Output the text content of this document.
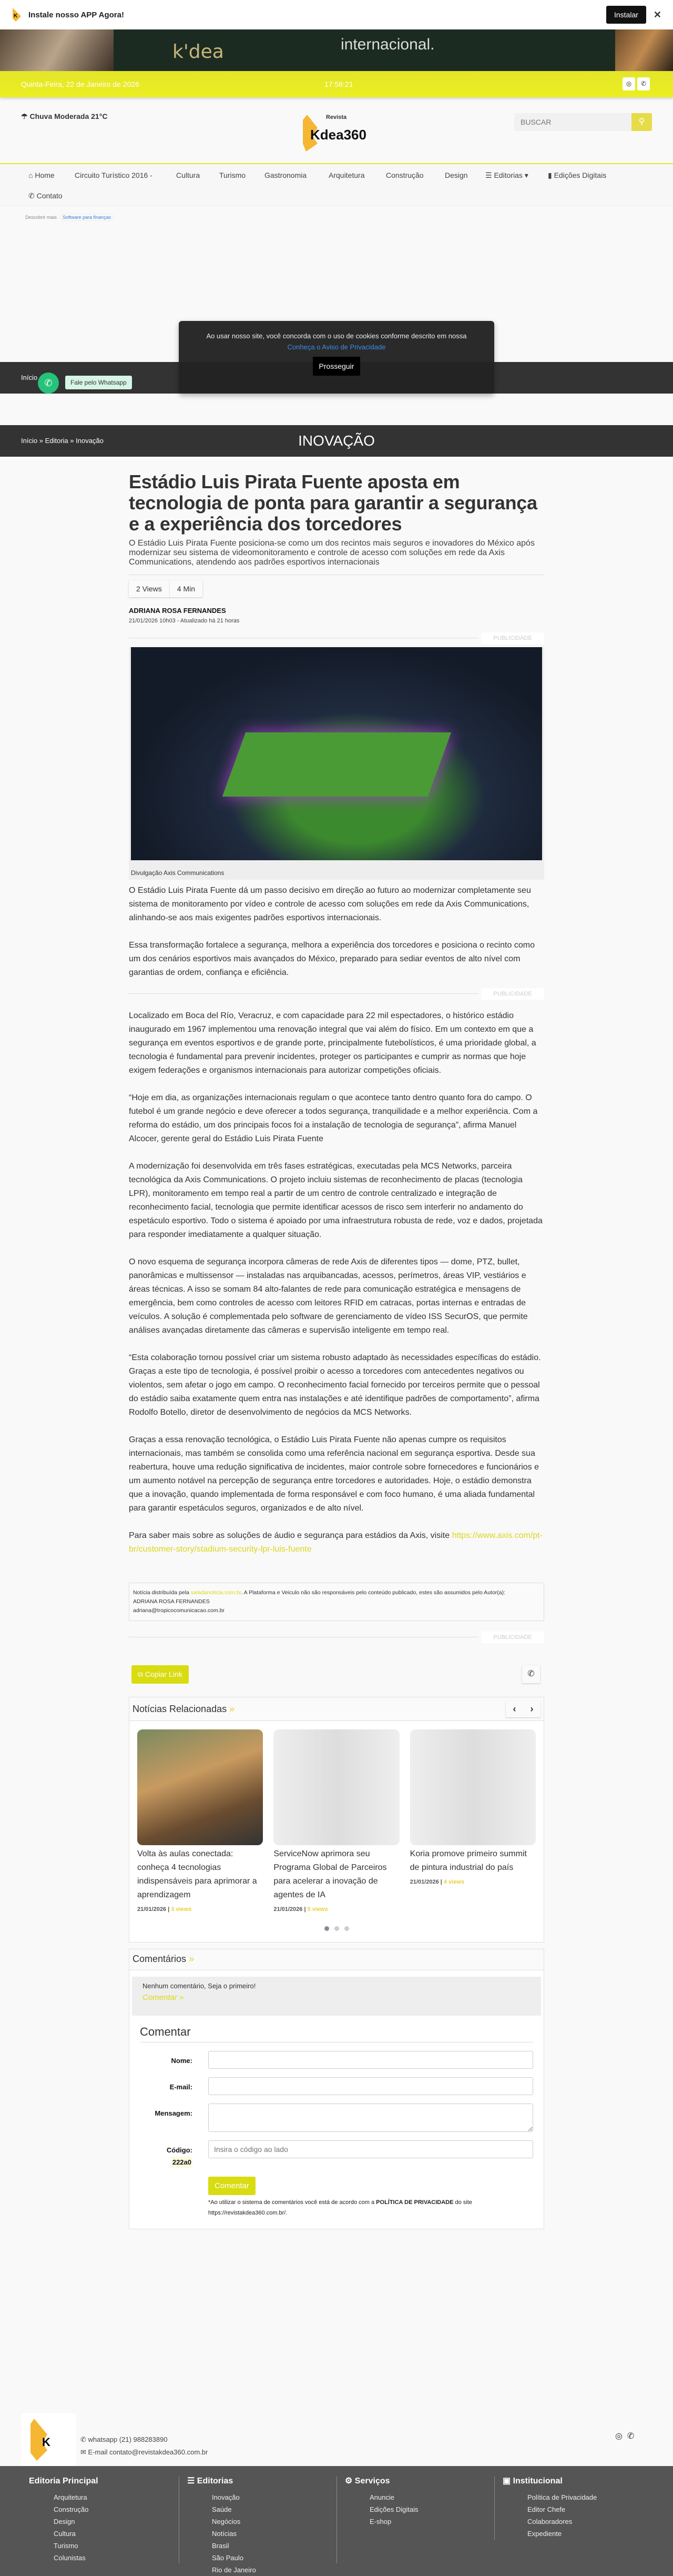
K Instale nosso APP Agora!	Instalar	✕
k'dea	internacional.
Quinta-Feira, 22 de Janeiro de 2026	17:58:21	◎	✆
☂ Chuva Moderada 21°C	Revista
Kdea360
BUSCAR
⚲
⌂ Home	Circuito Turístico 2016 -	Cultura	Turismo	Gastronomia	Arquitetura	Construção	Design ☰ Editorias ▾	▮ Edições Digitais
✆ Contato
Descobrir mais Software para finanças
Início

Ao usar nosso site, você concorda com o uso de cookies conforme descrito em nossa
Conheça o Aviso de Privacidade

Prosseguir
✆	Fale pelo Whatsapp
Início » Editoria » Inovação	INOVAÇÃO
Estádio Luis Pirata Fuente aposta em tecnologia de ponta para garantir a segurança e a experiência dos torcedores
O Estádio Luis Pirata Fuente posiciona-se como um dos recintos mais seguros e inovadores do México após modernizar seu sistema de videomonitoramento e controle de acesso com soluções em rede da Axis Communications, atendendo aos padrões esportivos internacionais
2 Views	4 Min
ADRIANA ROSA FERNANDES
21/01/2026 10h03 - Atualizado há 21 horas
PUBLICIDADE
Divulgação Axis Communications

O Estádio Luis Pirata Fuente dá um passo decisivo em direção ao futuro ao modernizar completamente seu sistema de monitoramento por vídeo e controle de acesso com soluções em rede da Axis Communications, alinhando-se aos mais exigentes padrões esportivos internacionais.

Essa transformação fortalece a segurança, melhora a experiência dos torcedores e posiciona o recinto como um dos cenários esportivos mais avançados do México, preparado para sediar eventos de alto nível com garantias de ordem, confiança e eficiência.

PUBLICIDADE

Localizado em Boca del Río, Veracruz, e com capacidade para 22 mil espectadores, o histórico estádio inaugurado em 1967 implementou uma renovação integral que vai além do físico. Em um contexto em que a segurança em eventos esportivos e de grande porte, principalmente futebolísticos, é uma prioridade global, a tecnologia é fundamental para prevenir incidentes, proteger os participantes e cumprir as normas que hoje exigem federações e organismos internacionais para autorizar competições oficiais.

“Hoje em dia, as organizações internacionais regulam o que acontece tanto dentro quanto fora do campo. O futebol é um grande negócio e deve oferecer a todos segurança, tranquilidade e a melhor experiência. Com a reforma do estádio, um dos principais focos foi a instalação de tecnologia de segurança”, afirma Manuel Alcocer, gerente geral do Estádio Luis Pirata Fuente

A modernização foi desenvolvida em três fases estratégicas, executadas pela MCS Networks, parceira tecnológica da Axis Communications. O projeto incluiu sistemas de reconhecimento de placas (tecnologia LPR), monitoramento em tempo real a partir de um centro de controle centralizado e integração de reconhecimento facial, tecnologia que permite identificar acessos de risco sem interferir no andamento do espetáculo esportivo. Todo o sistema é apoiado por uma infraestrutura robusta de rede, voz e dados, projetada para responder imediatamente a qualquer situação.

O novo esquema de segurança incorpora câmeras de rede Axis de diferentes tipos — dome, PTZ, bullet, panorâmicas e multissensor — instaladas nas arquibancadas, acessos, perímetros, áreas VIP, vestiários e áreas técnicas. A isso se somam 84 alto-falantes de rede para comunicação estratégica e mensagens de emergência, bem como controles de acesso com leitores RFID em catracas, portas internas e entradas de veículos. A solução é complementada pelo software de gerenciamento de vídeo ISS SecurOS, que permite análises avançadas diretamente das câmeras e supervisão inteligente em tempo real.

“Esta colaboração tornou possível criar um sistema robusto adaptado às necessidades específicas do estádio. Graças a este tipo de tecnologia, é possível proibir o acesso a torcedores com antecedentes negativos ou violentos, sem afetar o jogo em campo. O reconhecimento facial fornecido por terceiros permite que o pessoal do estádio saiba exatamente quem entra nas instalações e até identifique padrões de comportamento”, afirma Rodolfo Botello, diretor de desenvolvimento de negócios da MCS Networks.

Graças a essa renovação tecnológica, o Estádio Luis Pirata Fuente não apenas cumpre os requisitos internacionais, mas também se consolida como uma referência nacional em segurança esportiva. Desde sua reabertura, houve uma redução significativa de incidentes, maior controle sobre fornecedores e funcionários e um aumento notável na percepção de segurança entre torcedores e autoridades. Hoje, o estádio demonstra que a inovação, quando implementada de forma responsável e com foco humano, é uma aliada fundamental para garantir espetáculos seguros, organizados e de alto nível.

Para saber mais sobre as soluções de áudio e segurança para estádios da Axis, visite https://www.axis.com/pt-br/customer-story/stadium-security-lpr-luis-fuente

Notícia distribuída pela saladanoticia.com.br. A Plataforma e Veiculo não são responsáveis pelo conteúdo publicado, estes são assumidos pelo Autor(a):
ADRIANA ROSA FERNANDES
adriana@tropicocomunicacao.com.br
PUBLICIDADE
⧉ Copiar Link	✆
Notícias Relacionadas »	‹	›
Volta às aulas conectada: conheça 4 tecnologias indispensáveis para aprimorar a aprendizagem
21/01/2026 | 3 views
ServiceNow aprimora seu Programa Global de Parceiros para acelerar a inovação de agentes de IA
21/01/2026 | 5 views
Koria promove primeiro summit de pintura industrial do país
21/01/2026 | 4 views
Comentários »
Nenhum comentário, Seja o primeiro!
Comentar »
Comentar
Nome:
E-mail:
Mensagem:
Código:
222a0
Insira o código ao lado
Comentar

*Ao utilizar o sistema de comentários você está de acordo com a POLÍTICA DE PRIVACIDADE do site https://revistakdea360.com.br/.

K	✆ whatsapp (21) 988283890
✉ E-mail contato@revistakdea360.com.br
◎ ✆
Editoria Principal
Arquitetura
Construção
Design
Cultura
Turismo
Colunistas
☰ Editorias
Inovação
Saúde
Negócios
Notícias
Brasil
São Paulo
Rio de Janeiro
⚙ Serviços
Anuncie
Edições Digitais
E-shop
▣ Institucional
Política de Privacidade
Editor Chefe
Colaboradores
Expediente
